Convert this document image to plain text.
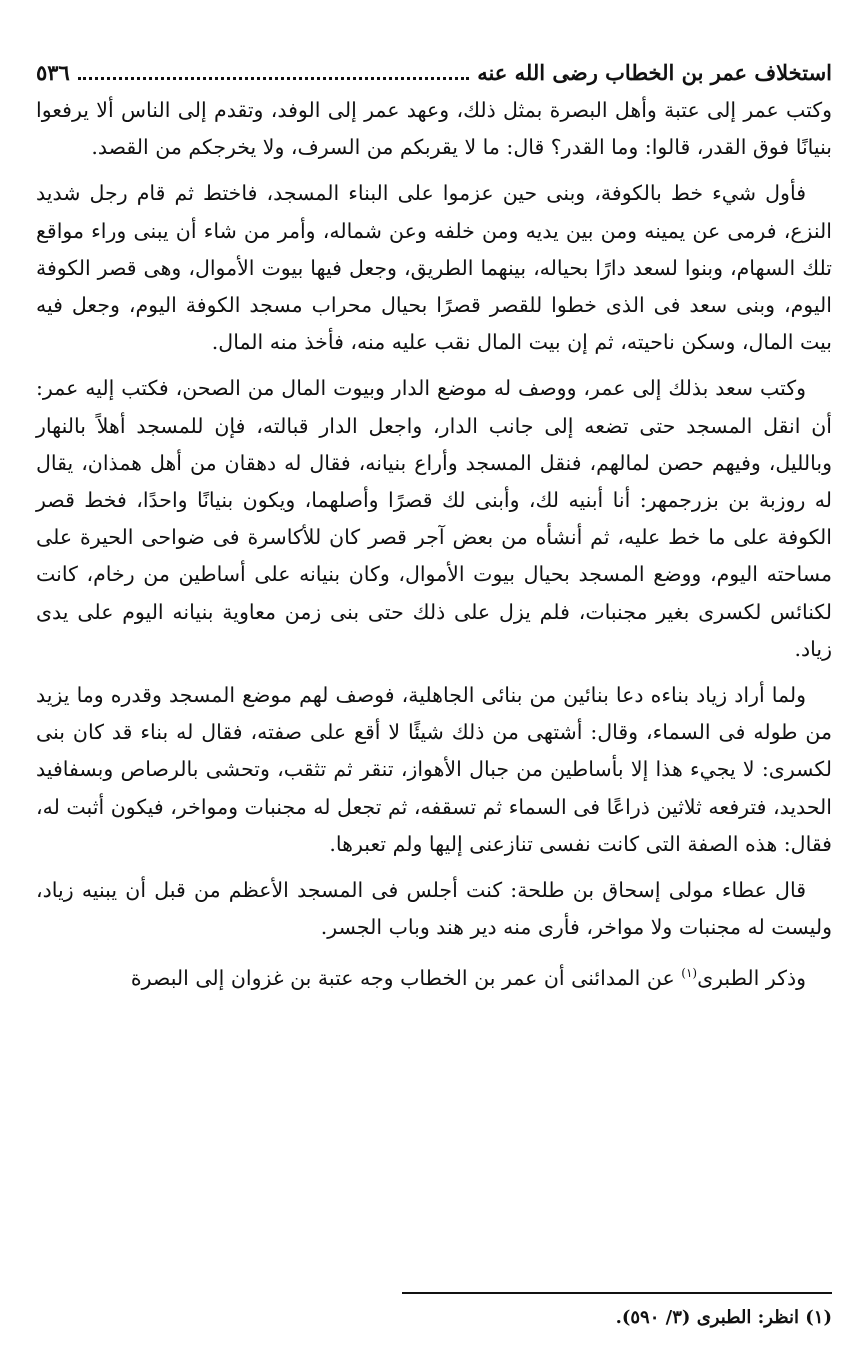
استخلاف عمر بن الخطاب رضى الله عنه
٥٣٦

وكتب عمر إلى عتبة وأهل البصرة بمثل ذلك، وعهد عمر إلى الوفد، وتقدم إلى الناس ألا يرفعوا بنيانًا فوق القدر، قالوا: وما القدر؟ قال: ما لا يقربكم من السرف، ولا يخرجكم من القصد.

فأول شيء خط بالكوفة، وبنى حين عزموا على البناء المسجد، فاختط ثم قام رجل شديد النزع، فرمى عن يمينه ومن بين يديه ومن خلفه وعن شماله، وأمر من شاء أن يبنى وراء مواقع تلك السهام، وبنوا لسعد دارًا بحياله، بينهما الطريق، وجعل فيها بيوت الأموال، وهى قصر الكوفة اليوم، وبنى سعد فى الذى خطوا للقصر قصرًا بحيال محراب مسجد الكوفة اليوم، وجعل فيه بيت المال، وسكن ناحيته، ثم إن بيت المال نقب عليه منه، فأخذ منه المال.

وكتب سعد بذلك إلى عمر، ووصف له موضع الدار وبيوت المال من الصحن، فكتب إليه عمر: أن انقل المسجد حتى تضعه إلى جانب الدار، واجعل الدار قبالته، فإن للمسجد أهلاً بالنهار وبالليل، وفيهم حصن لمالهم، فنقل المسجد وأراع بنيانه، فقال له دهقان من أهل همذان، يقال له روزبة بن بزرجمهر: أنا أبنيه لك، وأبنى لك قصرًا وأصلهما، ويكون بنيانًا واحدًا، فخط قصر الكوفة على ما خط عليه، ثم أنشأه من بعض آجر قصر كان للأكاسرة فى ضواحى الحيرة على مساحته اليوم، ووضع المسجد بحيال بيوت الأموال، وكان بنيانه على أساطين من رخام، كانت لكنائس لكسرى بغير مجنبات، فلم يزل على ذلك حتى بنى زمن معاوية بنيانه اليوم على يدى زياد.

ولما أراد زياد بناءه دعا بنائين من بنائى الجاهلية، فوصف لهم موضع المسجد وقدره وما يزيد من طوله فى السماء، وقال: أشتهى من ذلك شيئًا لا أقع على صفته، فقال له بناء قد كان بنى لكسرى: لا يجيء هذا إلا بأساطين من جبال الأهواز، تنقر ثم تثقب، وتحشى بالرصاص وبسفافيد الحديد، فترفعه ثلاثين ذراعًا فى السماء ثم تسقفه، ثم تجعل له مجنبات ومواخر، فيكون أثبت له، فقال: هذه الصفة التى كانت نفسى تنازعنى إليها ولم تعبرها.

قال عطاء مولى إسحاق بن طلحة: كنت أجلس فى المسجد الأعظم من قبل أن يبنيه زياد، وليست له مجنبات ولا مواخر، فأرى منه دير هند وباب الجسر.

وذكر الطبرى$^{(١)}$ عن المدائنى أن عمر بن الخطاب وجه عتبة بن غزوان إلى البصرة

(١) انظر: الطبرى (٣/ ٥٩٠).
